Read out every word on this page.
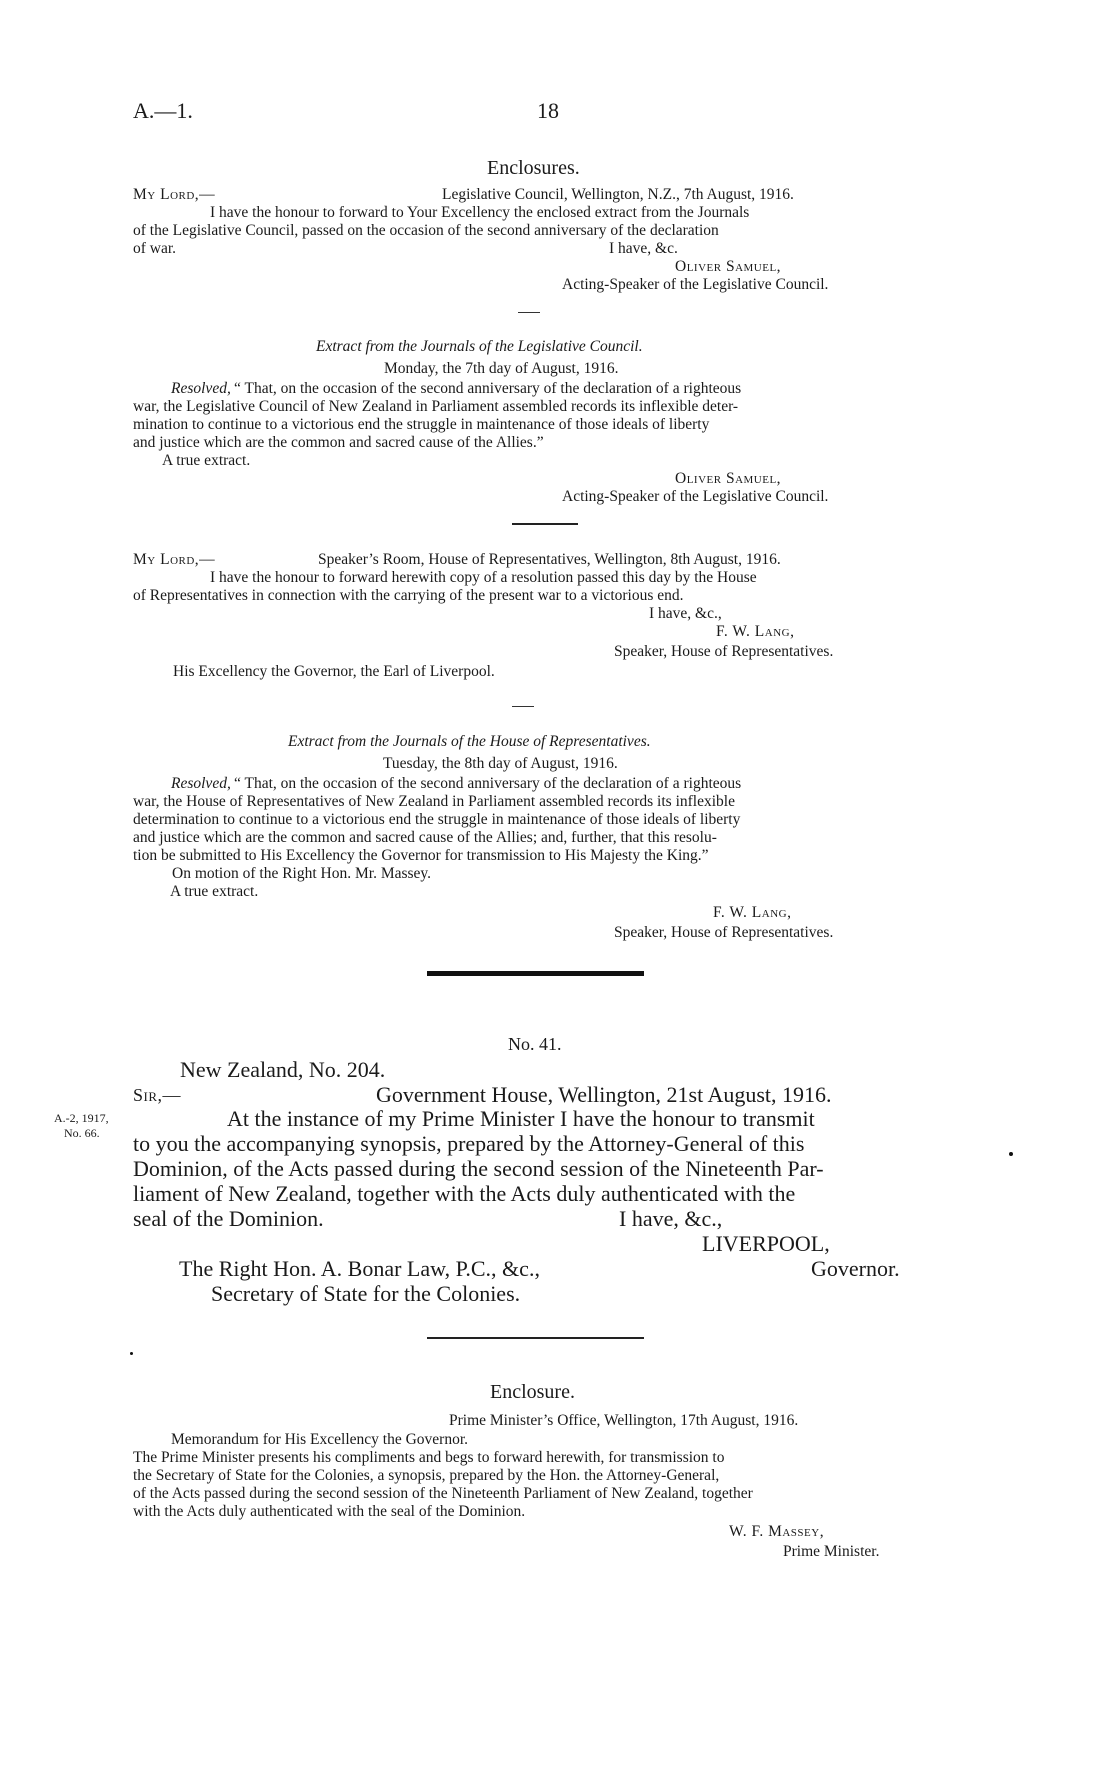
A.—1.	18
Enclosures.
My Lord,—	Legislative Council, Wellington, N.Z., 7th August, 1916.
I have the honour to forward to Your Excellency the enclosed extract from the Journals
of the Legislative Council, passed on the occasion of the second anniversary of the declaration
of war.	I have, &c.
Oliver Samuel,
Acting-Speaker of the Legislative Council.
Extract from the Journals of the Legislative Council.
Monday, the 7th day of August, 1916.
Resolved, “ That, on the occasion of the second anniversary of the declaration of a righteous
war, the Legislative Council of New Zealand in Parliament assembled records its inflexible deter-
mination to continue to a victorious end the struggle in maintenance of those ideals of liberty
and justice which are the common and sacred cause of the Allies.”
A true extract.
Oliver Samuel,
Acting-Speaker of the Legislative Council.
My Lord,—	Speaker’s Room, House of Representatives, Wellington, 8th August, 1916.
I have the honour to forward herewith copy of a resolution passed this day by the House
of Representatives in connection with the carrying of the present war to a victorious end.
I have, &c.,
F. W. Lang,
Speaker, House of Representatives.
His Excellency the Governor, the Earl of Liverpool.
Extract from the Journals of the House of Representatives.
Tuesday, the 8th day of August, 1916.
Resolved, “ That, on the occasion of the second anniversary of the declaration of a righteous
war, the House of Representatives of New Zealand in Parliament assembled records its inflexible
determination to continue to a victorious end the struggle in maintenance of those ideals of liberty
and justice which are the common and sacred cause of the Allies; and, further, that this resolu-
tion be submitted to His Excellency the Governor for transmission to His Majesty the King.”
On motion of the Right Hon. Mr. Massey.
A true extract.
F. W. Lang,
Speaker, House of Representatives.
No. 41.
New Zealand, No. 204.
Sir,—	Government House, Wellington, 21st August, 1916.
A.-2, 1917,
No. 66.
At the instance of my Prime Minister I have the honour to transmit
to you the accompanying synopsis, prepared by the Attorney-General of this
Dominion, of the Acts passed during the second session of the Nineteenth Par-
liament of New Zealand, together with the Acts duly authenticated with the
seal of the Dominion.	I have, &c.,
LIVERPOOL,
The Right Hon. A. Bonar Law, P.C., &c.,	Governor.
Secretary of State for the Colonies.
Enclosure.
Prime Minister’s Office, Wellington, 17th August, 1916.
Memorandum for His Excellency the Governor.
The Prime Minister presents his compliments and begs to forward herewith, for transmission to
the Secretary of State for the Colonies, a synopsis, prepared by the Hon. the Attorney-General,
of the Acts passed during the second session of the Nineteenth Parliament of New Zealand, together
with the Acts duly authenticated with the seal of the Dominion.
W. F. Massey,
Prime Minister.
